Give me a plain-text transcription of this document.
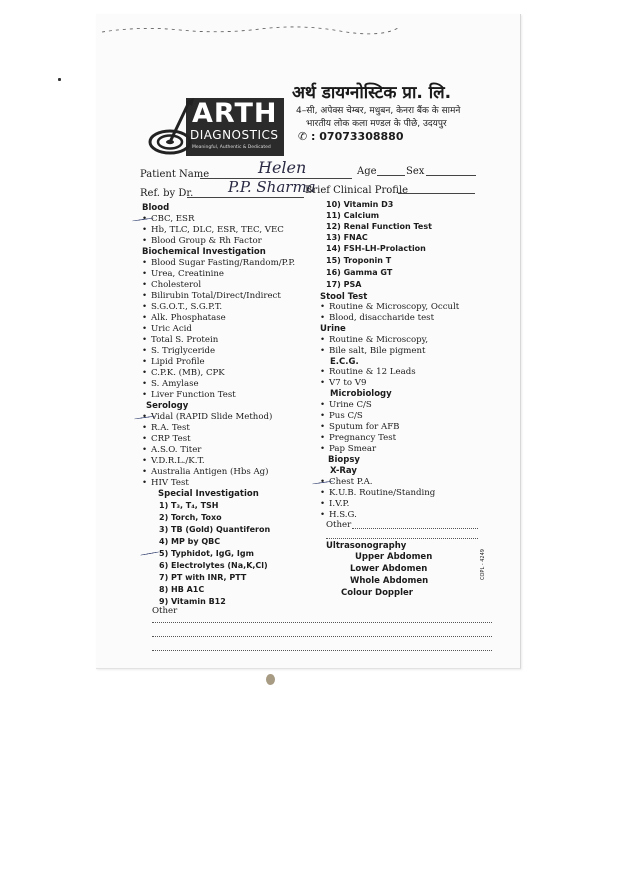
ARTH
DIAGNOSTICS
Meaningful, Authentic & Dedicated
अर्थ डायग्नोस्टिक प्रा. लि.
4–सी, अपेक्स चेम्बर, मधुबन, केनरा बैंक के सामने
भारतीय लोक कला मण्डल के पीछे, उदयपुर
✆ : 07073308880
Patient Name	Helen	Age	Sex
Ref. by Dr. P.P. Sharma
Brief Clinical Profile
Blood
• CBC, ESR
• Hb, TLC, DLC, ESR, TEC, VEC
• Blood Group & Rh Factor
Biochemical Investigation
• Blood Sugar Fasting/Random/P.P.
• Urea, Creatinine
• Cholesterol
• Bilirubin Total/Direct/Indirect
• S.G.O.T., S.G.P.T.
• Alk. Phosphatase
• Uric Acid
• Total S. Protein
• S. Triglyceride
• Lipid Profile
• C.P.K. (MB), CPK
• S. Amylase
• Liver Function Test
Serology
• Vidal (RAPID Slide Method)
• R.A. Test
• CRP Test
• A.S.O. Titer
• V.D.R.L./K.T.
• Australia Antigen (Hbs Ag)
• HIV Test
Special Investigation
1) T₃, T₄, TSH
2) Torch, Toxo
3) TB (Gold) Quantiferon
4) MP by QBC
5) Typhidot, IgG, Igm
6) Electrolytes (Na,K,Cl)
7) PT with INR, PTT
8) HB A1C
9) Vitamin B12
Other
10) Vitamin D3
11) Calcium
12) Renal Function Test
13) FNAC
14) FSH-LH-Prolaction
15) Troponin T
16) Gamma GT
17) PSA
Stool Test
• Routine & Microscopy, Occult
• Blood, disaccharide test
Urine
• Routine & Microscopy,
• Bile salt, Bile pigment
E.C.G.
• Routine & 12 Leads
• V7 to V9
Microbiology
• Urine C/S
• Pus C/S
• Sputum for AFB
• Pregnancy Test
• Pap Smear
Biopsy
X-Ray
• Chest P.A.
• K.U.B. Routine/Standing
• I.V.P.
• H.S.G.
Other
Ultrasonography
Upper Abdomen
Lower Abdomen
Whole Abdomen
Colour Doppler
COPL - 4249
